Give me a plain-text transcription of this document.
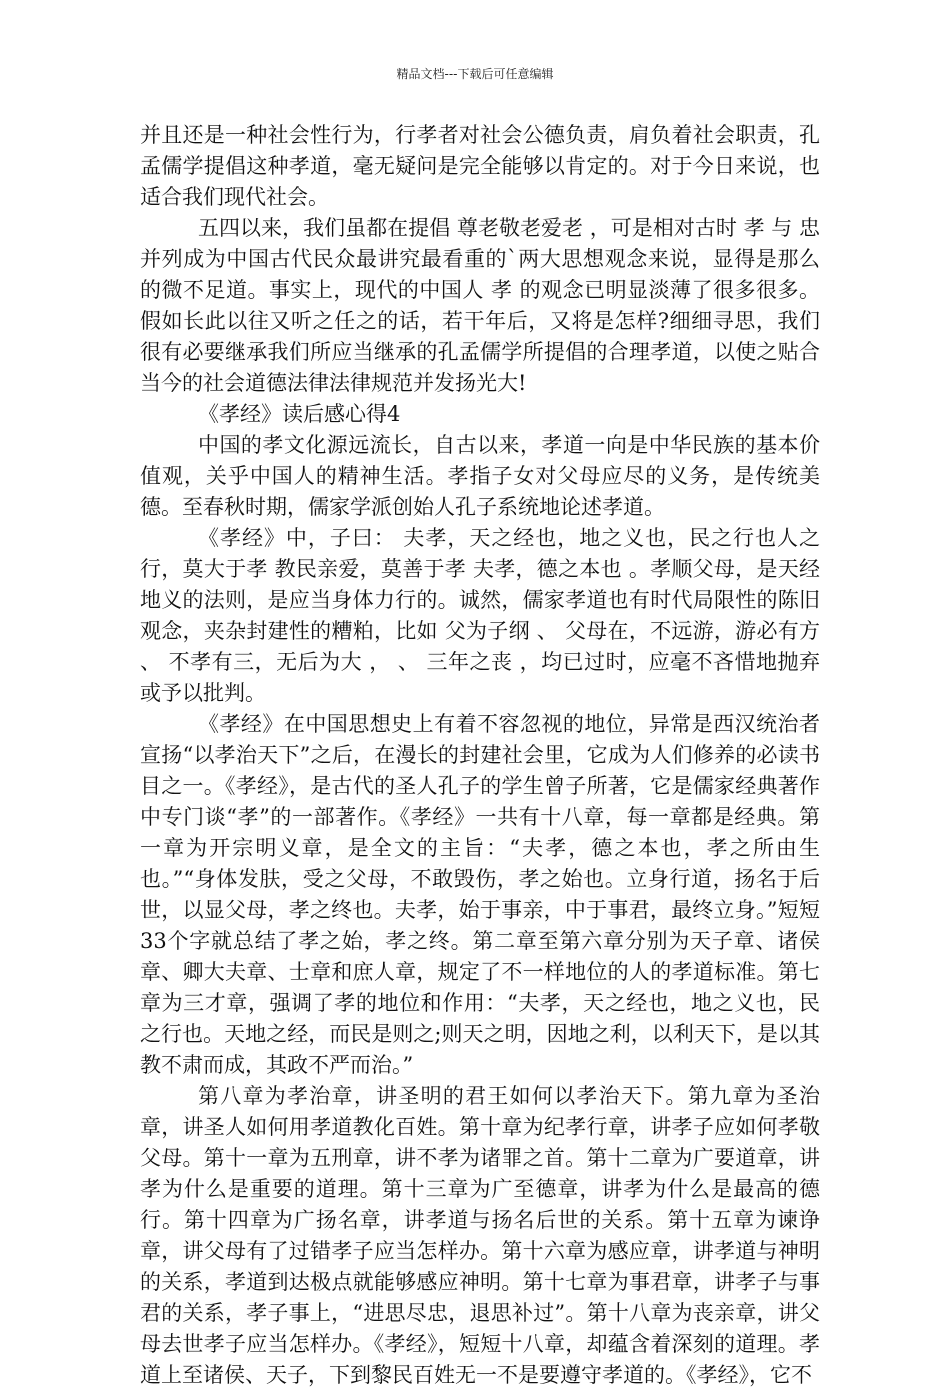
精品文档---下载后可任意编辑

并且还是一种社会性行为，行孝者对社会公德负责，肩负着社会职责，孔孟儒学提倡这种孝道，毫无疑问是完全能够以肯定的。对于今日来说，也适合我们现代社会。

五四以来，我们虽都在提倡 尊老敬老爱老 ，可是相对古时 孝 与 忠 并列成为中国古代民众最讲究最看重的`两大思想观念来说，显得是那么的微不足道。事实上，现代的中国人 孝 的观念已明显淡薄了很多很多。假如长此以往又听之任之的话，若干年后，又将是怎样?细细寻思，我们很有必要继承我们所应当继承的孔孟儒学所提倡的合理孝道，以使之贴合当今的社会道德法律法律规范并发扬光大!

《孝经》读后感心得4

中国的孝文化源远流长，自古以来，孝道一向是中华民族的基本价值观，关乎中国人的精神生活。孝指子女对父母应尽的义务，是传统美德。至春秋时期，儒家学派创始人孔子系统地论述孝道。

《孝经》中，子曰： 夫孝，天之经也，地之义也，民之行也人之行，莫大于孝 教民亲爱，莫善于孝 夫孝，德之本也 。孝顺父母，是天经地义的法则，是应当身体力行的。诚然，儒家孝道也有时代局限性的陈旧观念，夹杂封建性的糟粕，比如 父为子纲 、 父母在，不远游，游必有方 、 不孝有三，无后为大 ， 、 三年之丧 ，均已过时，应毫不吝惜地抛弃或予以批判。

《孝经》在中国思想史上有着不容忽视的地位，异常是西汉统治者宣扬“以孝治天下”之后，在漫长的封建社会里，它成为人们修养的必读书目之一。《孝经》，是古代的圣人孔子的学生曾子所著，它是儒家经典著作中专门谈“孝”的一部著作。《孝经》一共有十八章，每一章都是经典。第一章为开宗明义章，是全文的主旨：“夫孝，德之本也，孝之所由生也。”“身体发肤，受之父母，不敢毁伤，孝之始也。立身行道，扬名于后世，以显父母，孝之终也。夫孝，始于事亲，中于事君，最终立身。”短短33个字就总结了孝之始，孝之终。第二章至第六章分别为天子章、诸侯章、卿大夫章、士章和庶人章，规定了不一样地位的人的孝道标准。第七章为三才章，强调了孝的地位和作用：“夫孝，天之经也，地之义也，民之行也。天地之经，而民是则之;则天之明，因地之利，以利天下，是以其教不肃而成，其政不严而治。”

第八章为孝治章，讲圣明的君王如何以孝治天下。第九章为圣治章，讲圣人如何用孝道教化百姓。第十章为纪孝行章，讲孝子应如何孝敬父母。第十一章为五刑章，讲不孝为诸罪之首。第十二章为广要道章，讲孝为什么是重要的道理。第十三章为广至德章，讲孝为什么是最高的德行。第十四章为广扬名章，讲孝道与扬名后世的关系。第十五章为谏诤章，讲父母有了过错孝子应当怎样办。第十六章为感应章，讲孝道与神明的关系，孝道到达极点就能够感应神明。第十七章为事君章，讲孝子与事君的关系，孝子事上，“进思尽忠，退思补过”。第十八章为丧亲章，讲父母去世孝子应当怎样办。《孝经》，短短十八章，却蕴含着深刻的道理。孝道上至诸侯、天子，下到黎民百姓无一不是要遵守孝道的。《孝经》，它不
